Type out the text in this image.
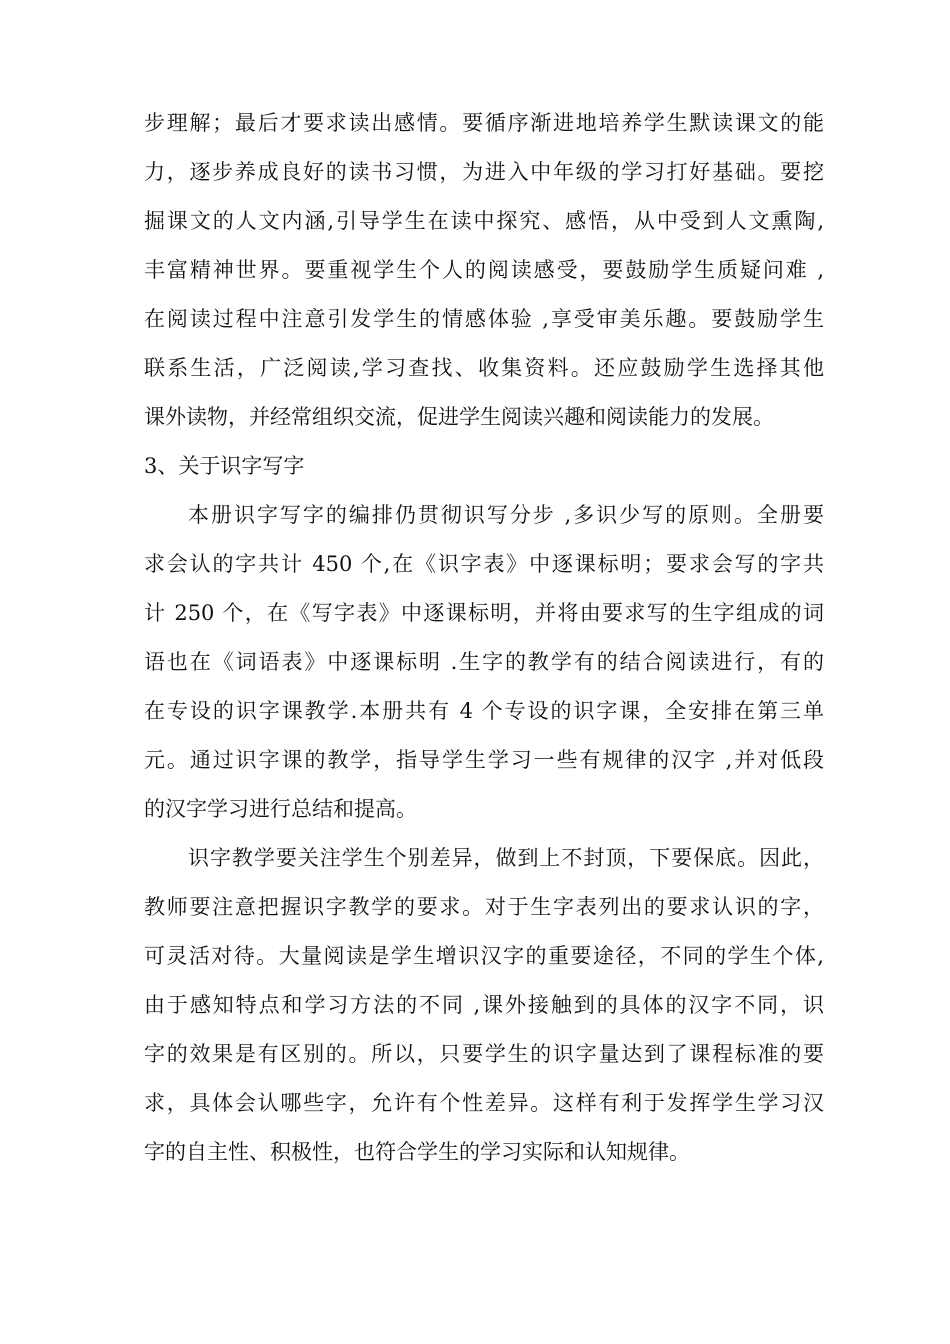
步理解；最后才要求读出感情。要循序渐进地培养学生默读课文的能
力，逐步养成良好的读书习惯，为进入中年级的学习打好基础。要挖
掘课文的人文内涵,引导学生在读中探究、感悟，从中受到人文熏陶,
丰富精神世界。要重视学生个人的阅读感受，要鼓励学生质疑问难 ,
在阅读过程中注意引发学生的情感体验 ,享受审美乐趣。要鼓励学生
联系生活，广泛阅读,学习查找、收集资料。还应鼓励学生选择其他
课外读物，并经常组织交流，促进学生阅读兴趣和阅读能力的发展。
3、关于识字写字
本册识字写字的编排仍贯彻识写分步 ,多识少写的原则。全册要
求会认的字共计 450 个,在《识字表》中逐课标明；要求会写的字共
计 250 个，在《写字表》中逐课标明，并将由要求写的生字组成的词
语也在《词语表》中逐课标明 .生字的教学有的结合阅读进行，有的
在专设的识字课教学.本册共有 4 个专设的识字课，全安排在第三单
元。通过识字课的教学，指导学生学习一些有规律的汉字 ,并对低段
的汉字学习进行总结和提高。
识字教学要关注学生个别差异，做到上不封顶，下要保底。因此，
教师要注意把握识字教学的要求。对于生字表列出的要求认识的字，
可灵活对待。大量阅读是学生增识汉字的重要途径，不同的学生个体,
由于感知特点和学习方法的不同 ,课外接触到的具体的汉字不同，识
字的效果是有区别的。所以，只要学生的识字量达到了课程标准的要
求，具体会认哪些字，允许有个性差异。这样有利于发挥学生学习汉
字的自主性、积极性，也符合学生的学习实际和认知规律。
